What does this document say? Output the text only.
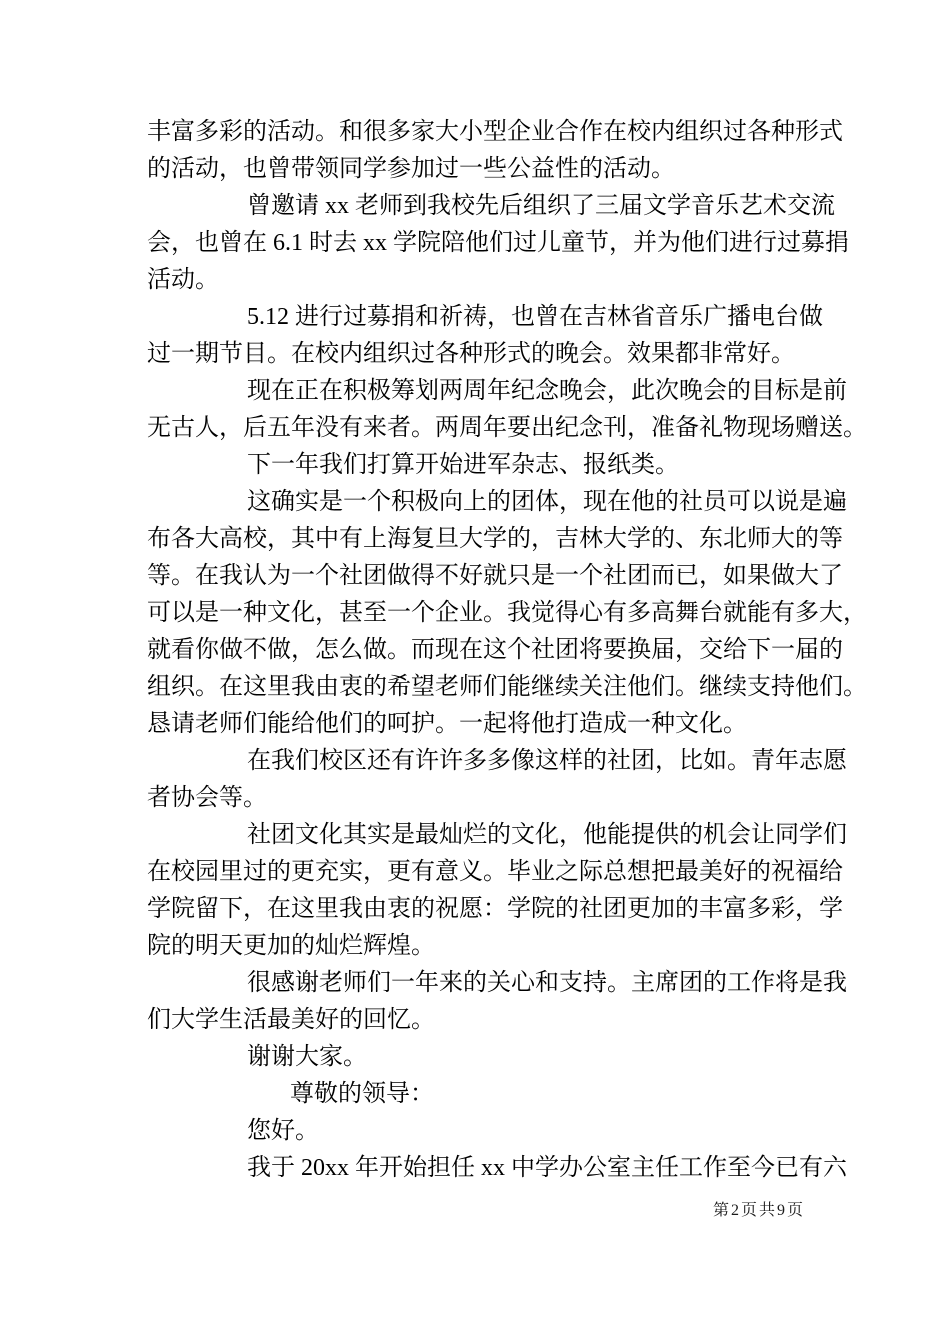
丰富多彩的活动。和很多家大小型企业合作在校内组织过各种形式
的活动，也曾带领同学参加过一些公益性的活动。
曾邀请 xx 老师到我校先后组织了三届文学音乐艺术交流
会，也曾在 6.1 时去 xx 学院陪他们过儿童节，并为他们进行过募捐
活动。
5.12 进行过募捐和祈祷，也曾在吉林省音乐广播电台做
过一期节目。在校内组织过各种形式的晚会。效果都非常好。
现在正在积极筹划两周年纪念晚会，此次晚会的目标是前
无古人，后五年没有来者。两周年要出纪念刊，准备礼物现场赠送。
下一年我们打算开始进军杂志、报纸类。
这确实是一个积极向上的团体，现在他的社员可以说是遍
布各大高校，其中有上海复旦大学的，吉林大学的、东北师大的等
等。在我认为一个社团做得不好就只是一个社团而已，如果做大了
可以是一种文化，甚至一个企业。我觉得心有多高舞台就能有多大，
就看你做不做，怎么做。而现在这个社团将要换届，交给下一届的
组织。在这里我由衷的希望老师们能继续关注他们。继续支持他们。
恳请老师们能给他们的呵护。一起将他打造成一种文化。
在我们校区还有许许多多像这样的社团，比如。青年志愿
者协会等。
社团文化其实是最灿烂的文化，他能提供的机会让同学们
在校园里过的更充实，更有意义。毕业之际总想把最美好的祝福给
学院留下，在这里我由衷的祝愿：学院的社团更加的丰富多彩，学
院的明天更加的灿烂辉煌。
很感谢老师们一年来的关心和支持。主席团的工作将是我
们大学生活最美好的回忆。
谢谢大家。
尊敬的领导：
您好。
我于 20xx 年开始担任 xx 中学办公室主任工作至今已有六
第2页共9页
